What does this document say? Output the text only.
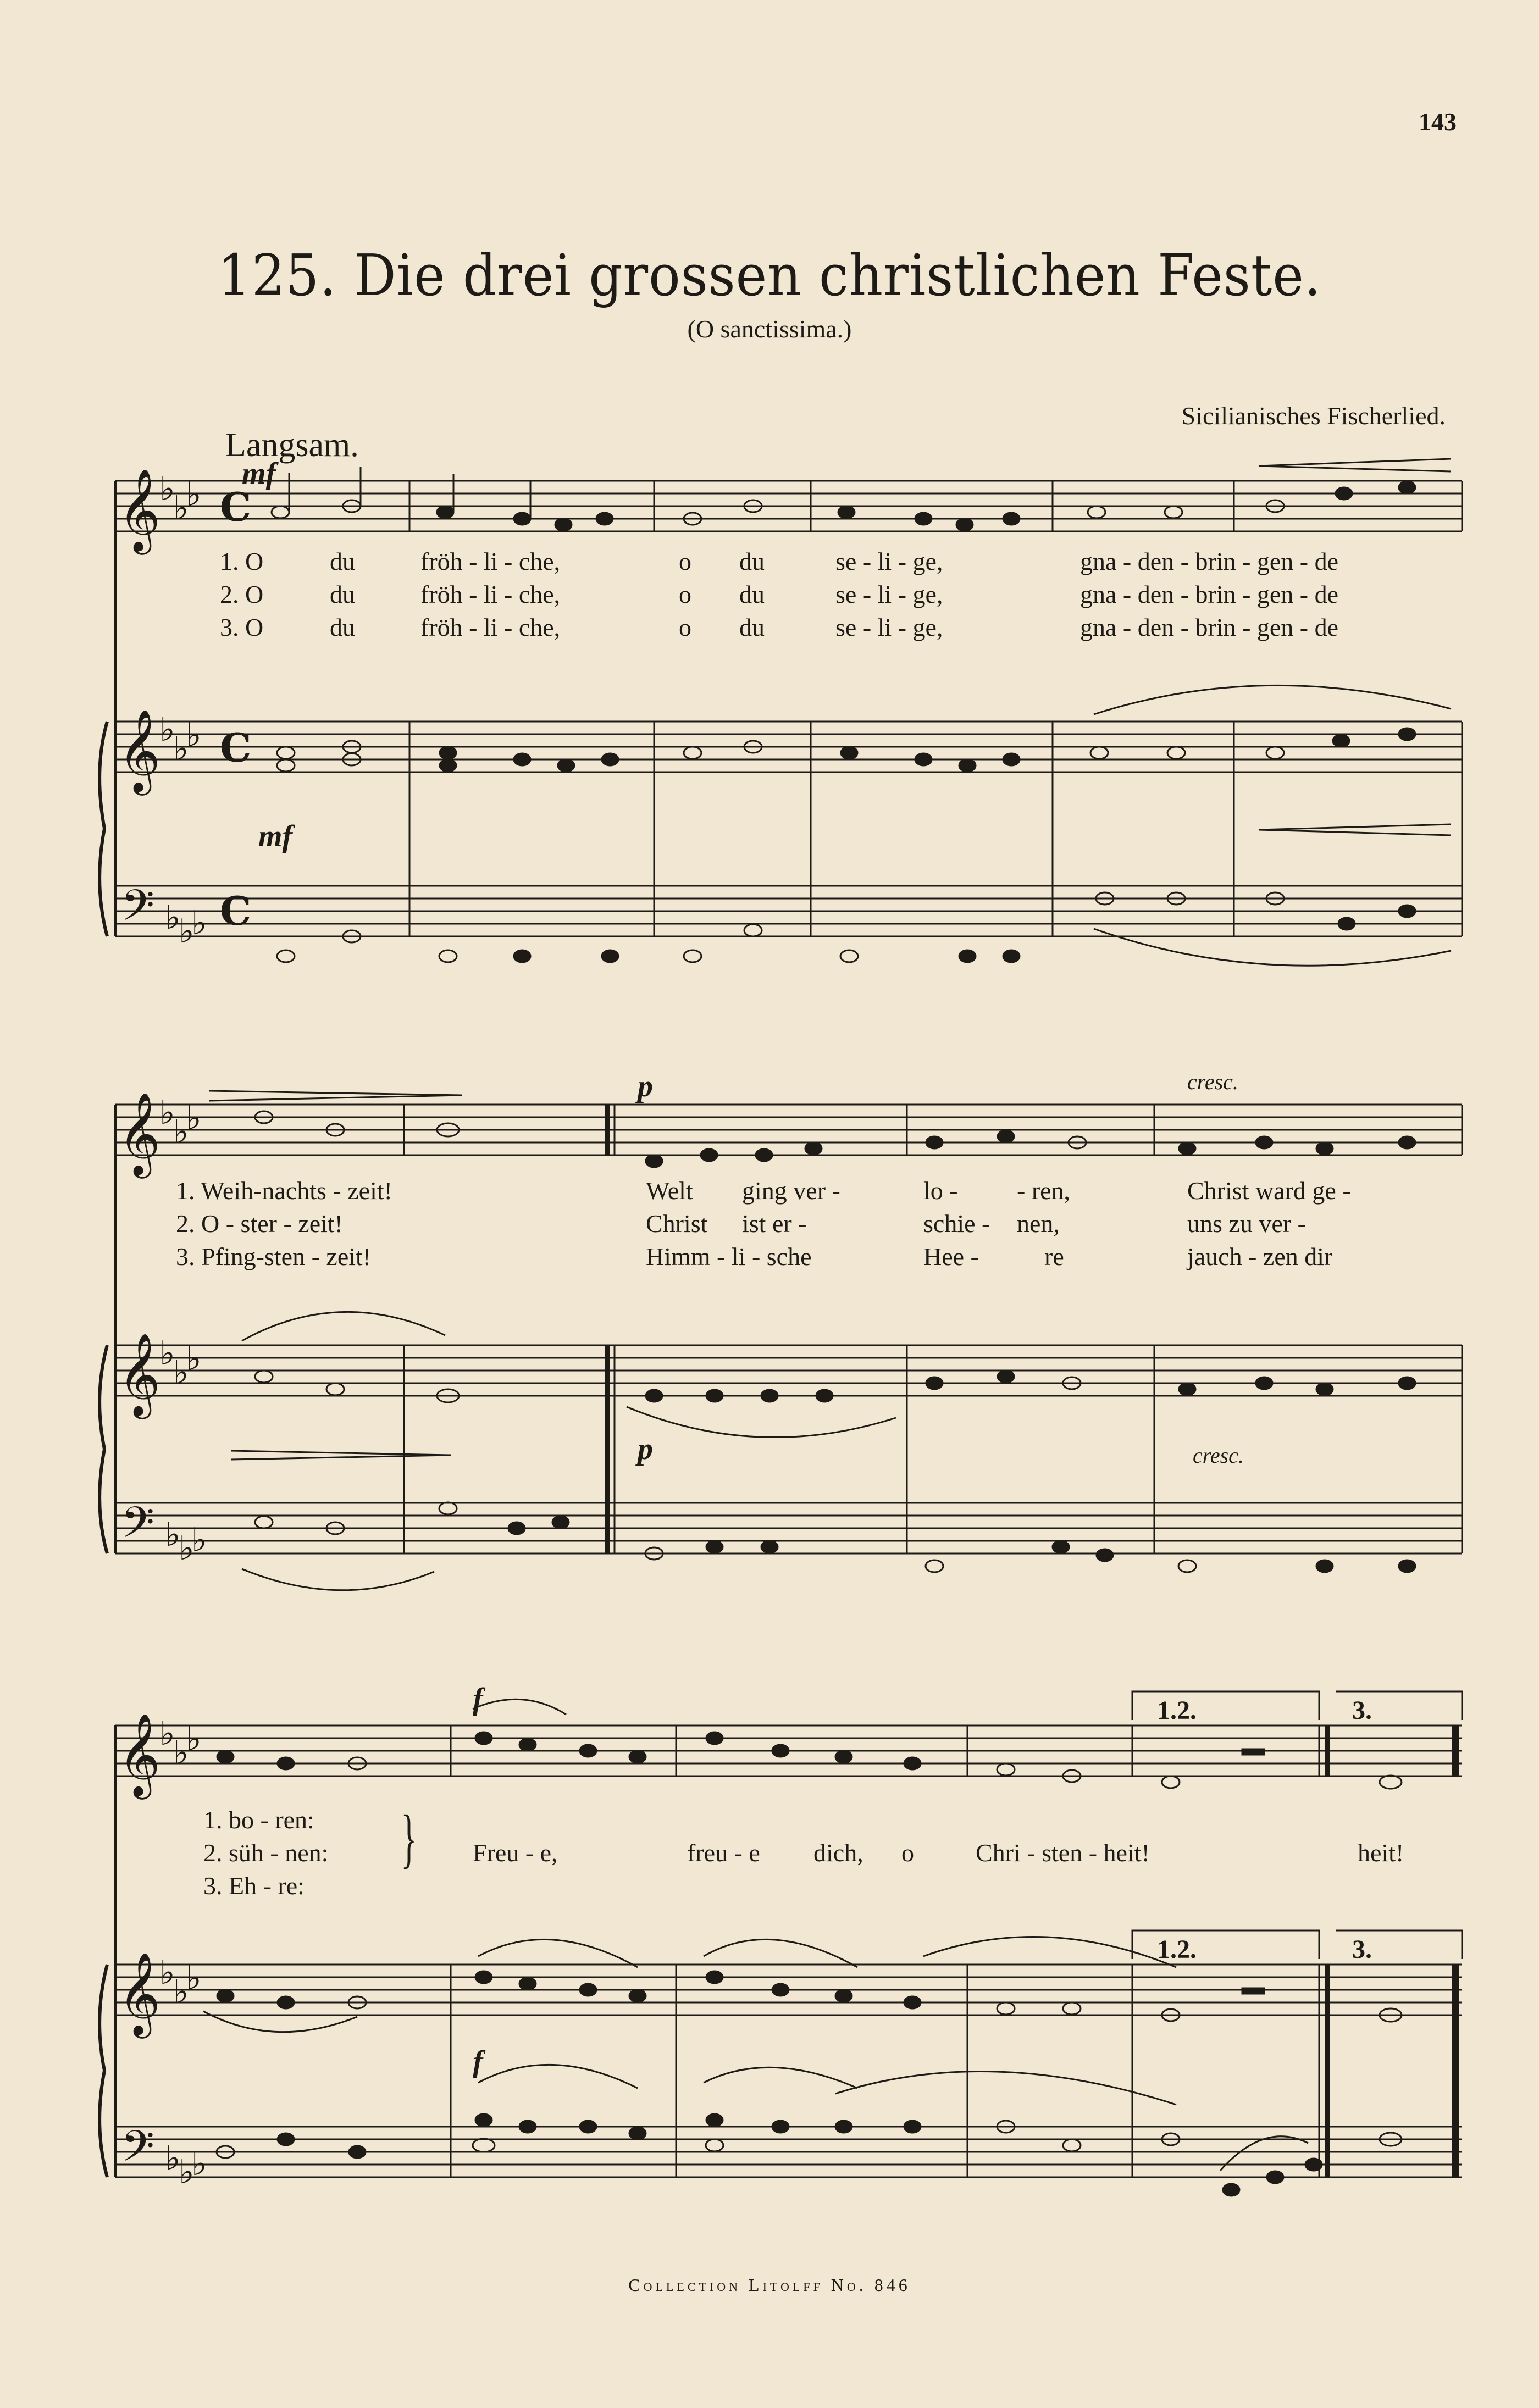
143
125. Die drei grossen christlichen Feste.
(O sanctissima.)
Sicilianisches Fischerlied.
Langsam.
mf
mf
p
p
cresc.
cresc.
f
f
𝄞
𝄞
𝄢
𝄞
𝄞
𝄢
𝄞
𝄞
𝄢
♭
♭
♭
♭
♭
♭
♭
♭
♭
♭
♭
♭
♭
♭
♭
♭
♭
♭
♭
♭
♭
♭
♭
♭
♭
♭
♭
C
C
C
1. O	du	fröh - li - che,	o du	se - li - ge,	gna - den - brin - gen - de
2. O	du	fröh - li - che,	o du	se - li - ge,	gna - den - brin - gen - de
3. O	du	fröh - li - che,	o du	se - li - ge,	gna - den - brin - gen - de
1. Weih-nachts - zeit!	Welt ging ver -	lo - - ren,	Christ ward ge -
2. O - ster - zeit!	Christ ist er -	schie - nen,	uns zu ver -
3. Pfing-sten - zeit!	Himm - li - sche	Hee -	re	jauch - zen dir
1. bo - ren:
2. süh - nen:
3. Eh - re:
} Freu - e,	freu - e dich, o Chri - sten - heit!	heit!
1.2.	3.
1.2.	3.
Collection Litolff No. 846
